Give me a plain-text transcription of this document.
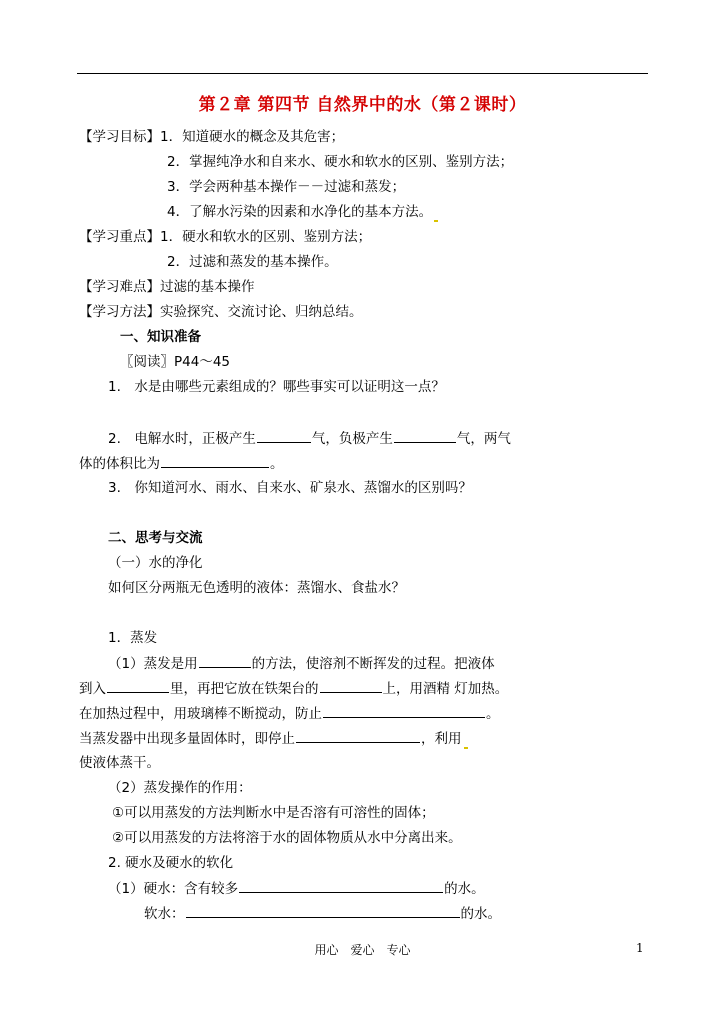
第２章 第四节 自然界中的水（第２课时）
【学习目标】1．知道硬水的概念及其危害；
2．掌握纯净水和自来水、硬水和软水的区别、鉴别方法；
3．学会两种基本操作－－过滤和蒸发；
4．了解水污染的因素和水净化的基本方法。
【学习重点】1．硬水和软水的区别、鉴别方法；
2．过滤和蒸发的基本操作。
【学习难点】过滤的基本操作
【学习方法】实验探究、交流讨论、归纳总结。
一、知识准备
〖阅读〗P44～45
1.　水是由哪些元素组成的？哪些事实可以证明这一点？
2.　电解水时，正极产生	气，负极产生	气，两气
体的体积比为	。
3.　你知道河水、雨水、自来水、矿泉水、蒸馏水的区别吗？
二、思考与交流
（一）水的净化
如何区分两瓶无色透明的液体：蒸馏水、食盐水？
1．蒸发
（1）蒸发是用	的方法，使溶剂不断挥发的过程。把液体
到入	里，再把它放在铁架台的	上，用酒精 灯加热。
在加热过程中，用玻璃棒不断搅动，防止	。
当蒸发器中出现多量固体时，即停止	，利用
使液体蒸干。
（2）蒸发操作的作用：
①可以用蒸发的方法判断水中是否溶有可溶性的固体；
②可以用蒸发的方法将溶于水的固体物质从水中分离出来。
2. 硬水及硬水的软化
（1）硬水：含有较多	的水。
软水：	的水。
用心　爱心　专心	1
